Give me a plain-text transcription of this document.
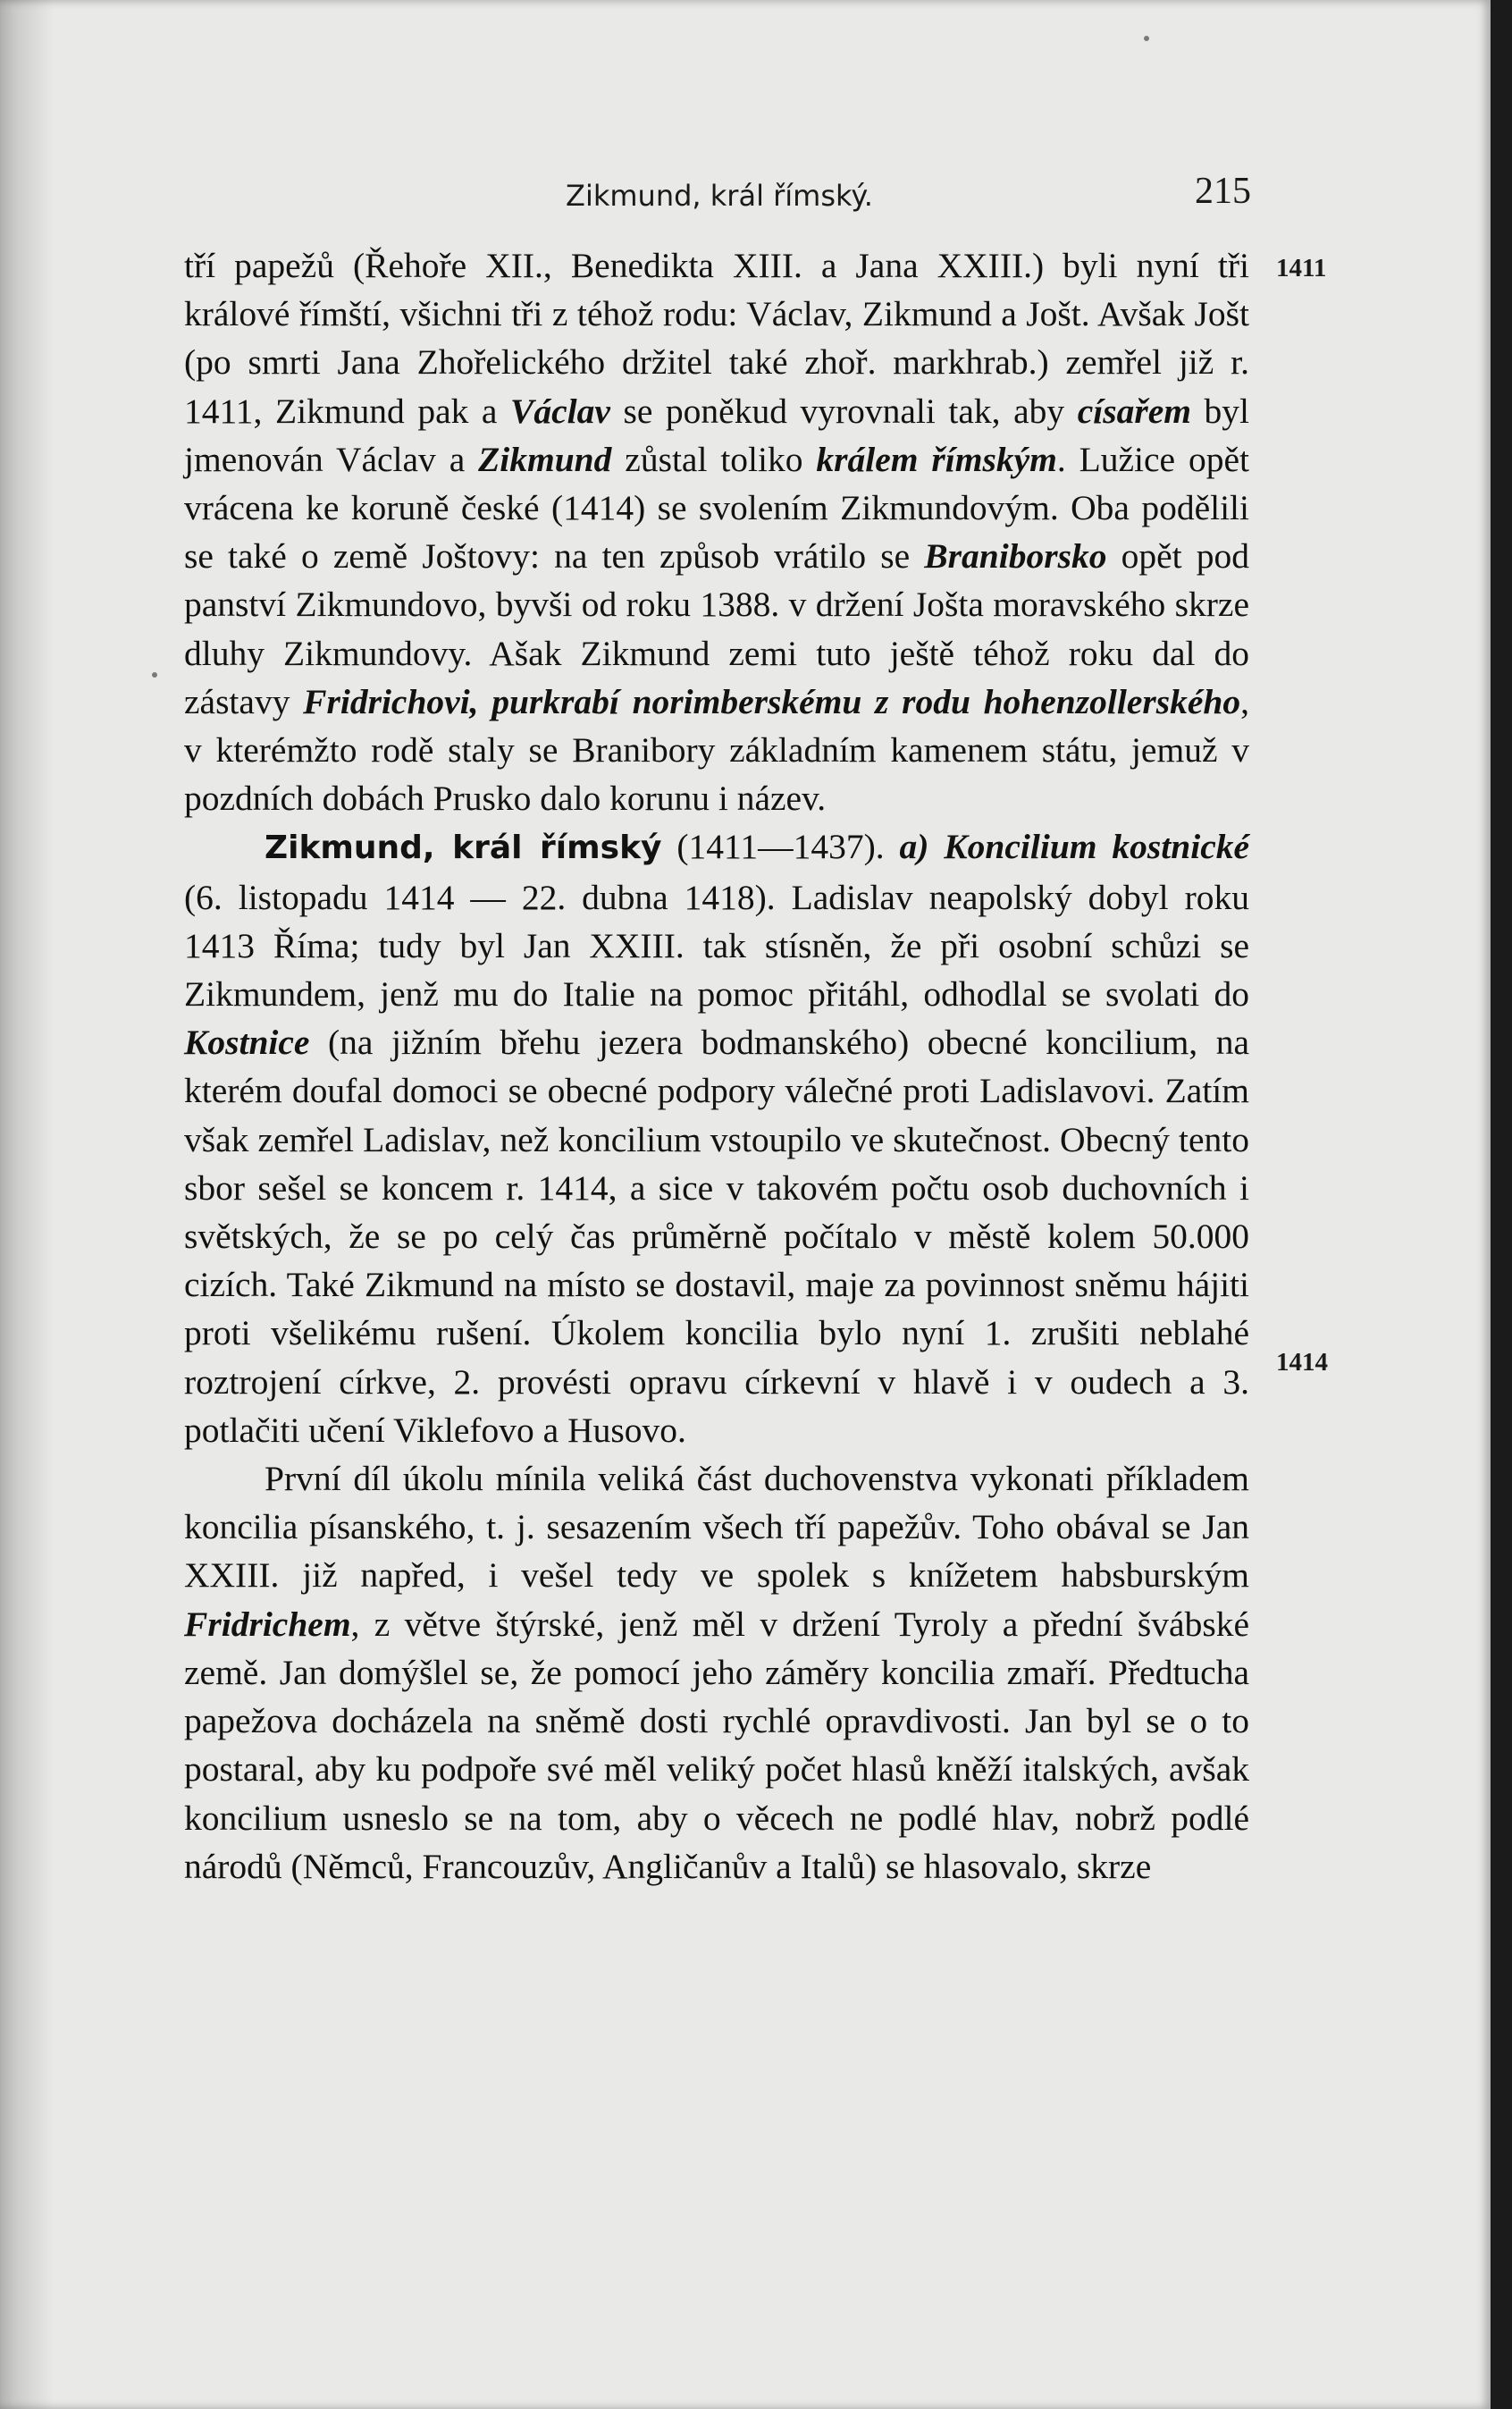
Zikmund, král římský.	215

tří papežů (Řehoře XII., Benedikta XIII. a Jana XXIII.) byli nyní tři králové římští, všichni tři z téhož rodu: Václav, Zikmund a Jošt. Avšak Jošt (po smrti Jana Zhořelického držitel také zhoř. markhrab.) zemřel již r. 1411, Zikmund pak a Václav se poněkud vyrovnali tak, aby císařem byl jmenován Václav a Zikmund zůstal toliko králem římským. Lužice opět vrácena ke koruně české (1414) se svolením Zikmundovým. Oba podělili se také o země Joštovy: na ten způsob vrátilo se Braniborsko opět pod panství Zikmundovo, byvši od roku 1388. v držení Jošta moravského skrze dluhy Zikmundovy. Ašak Zikmund zemi tuto ještě téhož roku dal do zástavy Fridrichovi, purkrabí norimberskému z rodu hohenzollerského, v kterémžto rodě staly se Branibory základním kamenem státu, jemuž v pozdních dobách Prusko dalo korunu i název.

Zikmund, král římský (1411—1437). a) Koncilium kostnické (6. listopadu 1414 — 22. dubna 1418). Ladislav neapolský dobyl roku 1413 Říma; tudy byl Jan XXIII. tak stísněn, že při osobní schůzi se Zikmundem, jenž mu do Italie na pomoc přitáhl, odhodlal se svolati do Kostnice (na jižním břehu jezera bodmanského) obecné koncilium, na kterém doufal domoci se obecné podpory válečné proti Ladislavovi. Zatím však zemřel Ladislav, než koncilium vstoupilo ve skutečnost. Obecný tento sbor sešel se koncem r. 1414, a sice v takovém počtu osob duchovních i světských, že se po celý čas průměrně počítalo v městě kolem 50.000 cizích. Také Zikmund na místo se dostavil, maje za povinnost sněmu hájiti proti všelikému rušení. Úkolem koncilia bylo nyní 1. zrušiti neblahé roztrojení církve, 2. provésti opravu církevní v hlavě i v oudech a 3. potlačiti učení Viklefovo a Husovo.

První díl úkolu mínila veliká část duchovenstva vykonati příkladem koncilia písanského, t. j. sesazením všech tří papežův. Toho obával se Jan XXIII. již napřed, i vešel tedy ve spolek s knížetem habsburským Fridrichem, z větve štýrské, jenž měl v držení Tyroly a přední švábské země. Jan domýšlel se, že pomocí jeho záměry koncilia zmaří. Předtucha papežova docházela na sněmě dosti rychlé opravdivosti. Jan byl se o to postaral, aby ku podpoře své měl veliký počet hlasů kněží italských, avšak koncilium usneslo se na tom, aby o věcech ne podlé hlav, nobrž podlé národů (Němců, Francouzův, Angličanův a Italů) se hlasovalo, skrze

1411
1414
